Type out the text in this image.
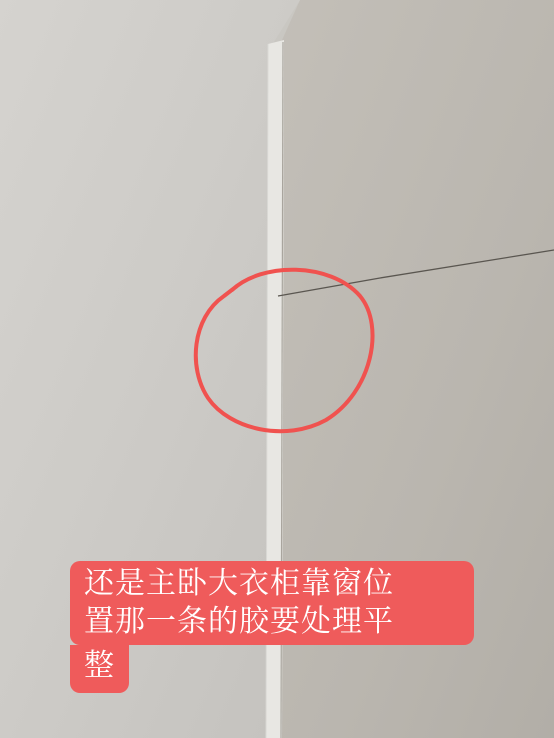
还是主卧大衣柜靠窗位
置那一条的胶要处理平
整
